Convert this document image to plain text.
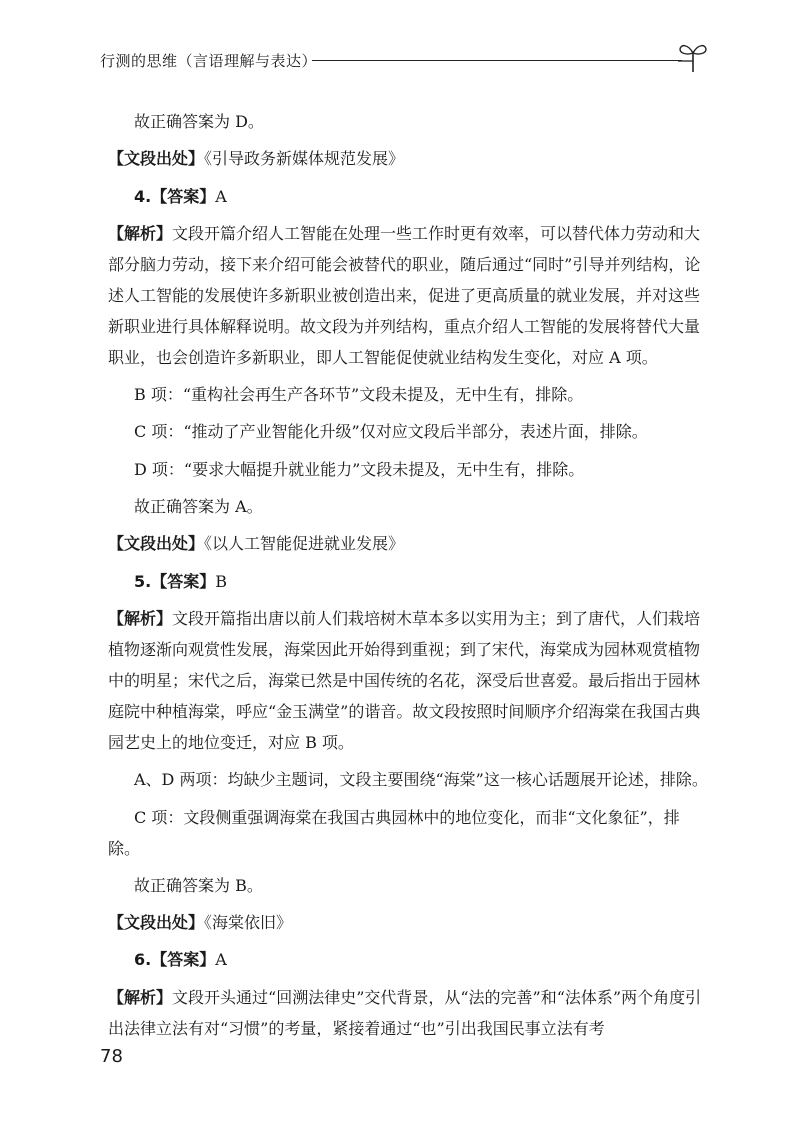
行测的思维（言语理解与表达）

故正确答案为 D。

【文段出处】《引导政务新媒体规范发展》

4.【答案】A

【解析】文段开篇介绍人工智能在处理一些工作时更有效率，可以替代体力劳动和大部分脑力劳动，接下来介绍可能会被替代的职业，随后通过“同时”引导并列结构，论述人工智能的发展使许多新职业被创造出来，促进了更高质量的就业发展，并对这些新职业进行具体解释说明。故文段为并列结构，重点介绍人工智能的发展将替代大量职业，也会创造许多新职业，即人工智能促使就业结构发生变化，对应 A 项。

B 项：“重构社会再生产各环节”文段未提及，无中生有，排除。

C 项：“推动了产业智能化升级”仅对应文段后半部分，表述片面，排除。

D 项：“要求大幅提升就业能力”文段未提及，无中生有，排除。

故正确答案为 A。

【文段出处】《以人工智能促进就业发展》

5.【答案】B

【解析】文段开篇指出唐以前人们栽培树木草本多以实用为主；到了唐代，人们栽培植物逐渐向观赏性发展，海棠因此开始得到重视；到了宋代，海棠成为园林观赏植物中的明星；宋代之后，海棠已然是中国传统的名花，深受后世喜爱。最后指出于园林庭院中种植海棠，呼应“金玉满堂”的谐音。故文段按照时间顺序介绍海棠在我国古典园艺史上的地位变迁，对应 B 项。

A、D 两项：均缺少主题词，文段主要围绕“海棠”这一核心话题展开论述，排除。

C 项：文段侧重强调海棠在我国古典园林中的地位变化，而非“文化象征”，排除。

故正确答案为 B。

【文段出处】《海棠依旧》

6.【答案】A

【解析】文段开头通过“回溯法律史”交代背景，从“法的完善”和“法体系”两个角度引出法律立法有对“习惯”的考量，紧接着通过“也”引出我国民事立法有考

78
